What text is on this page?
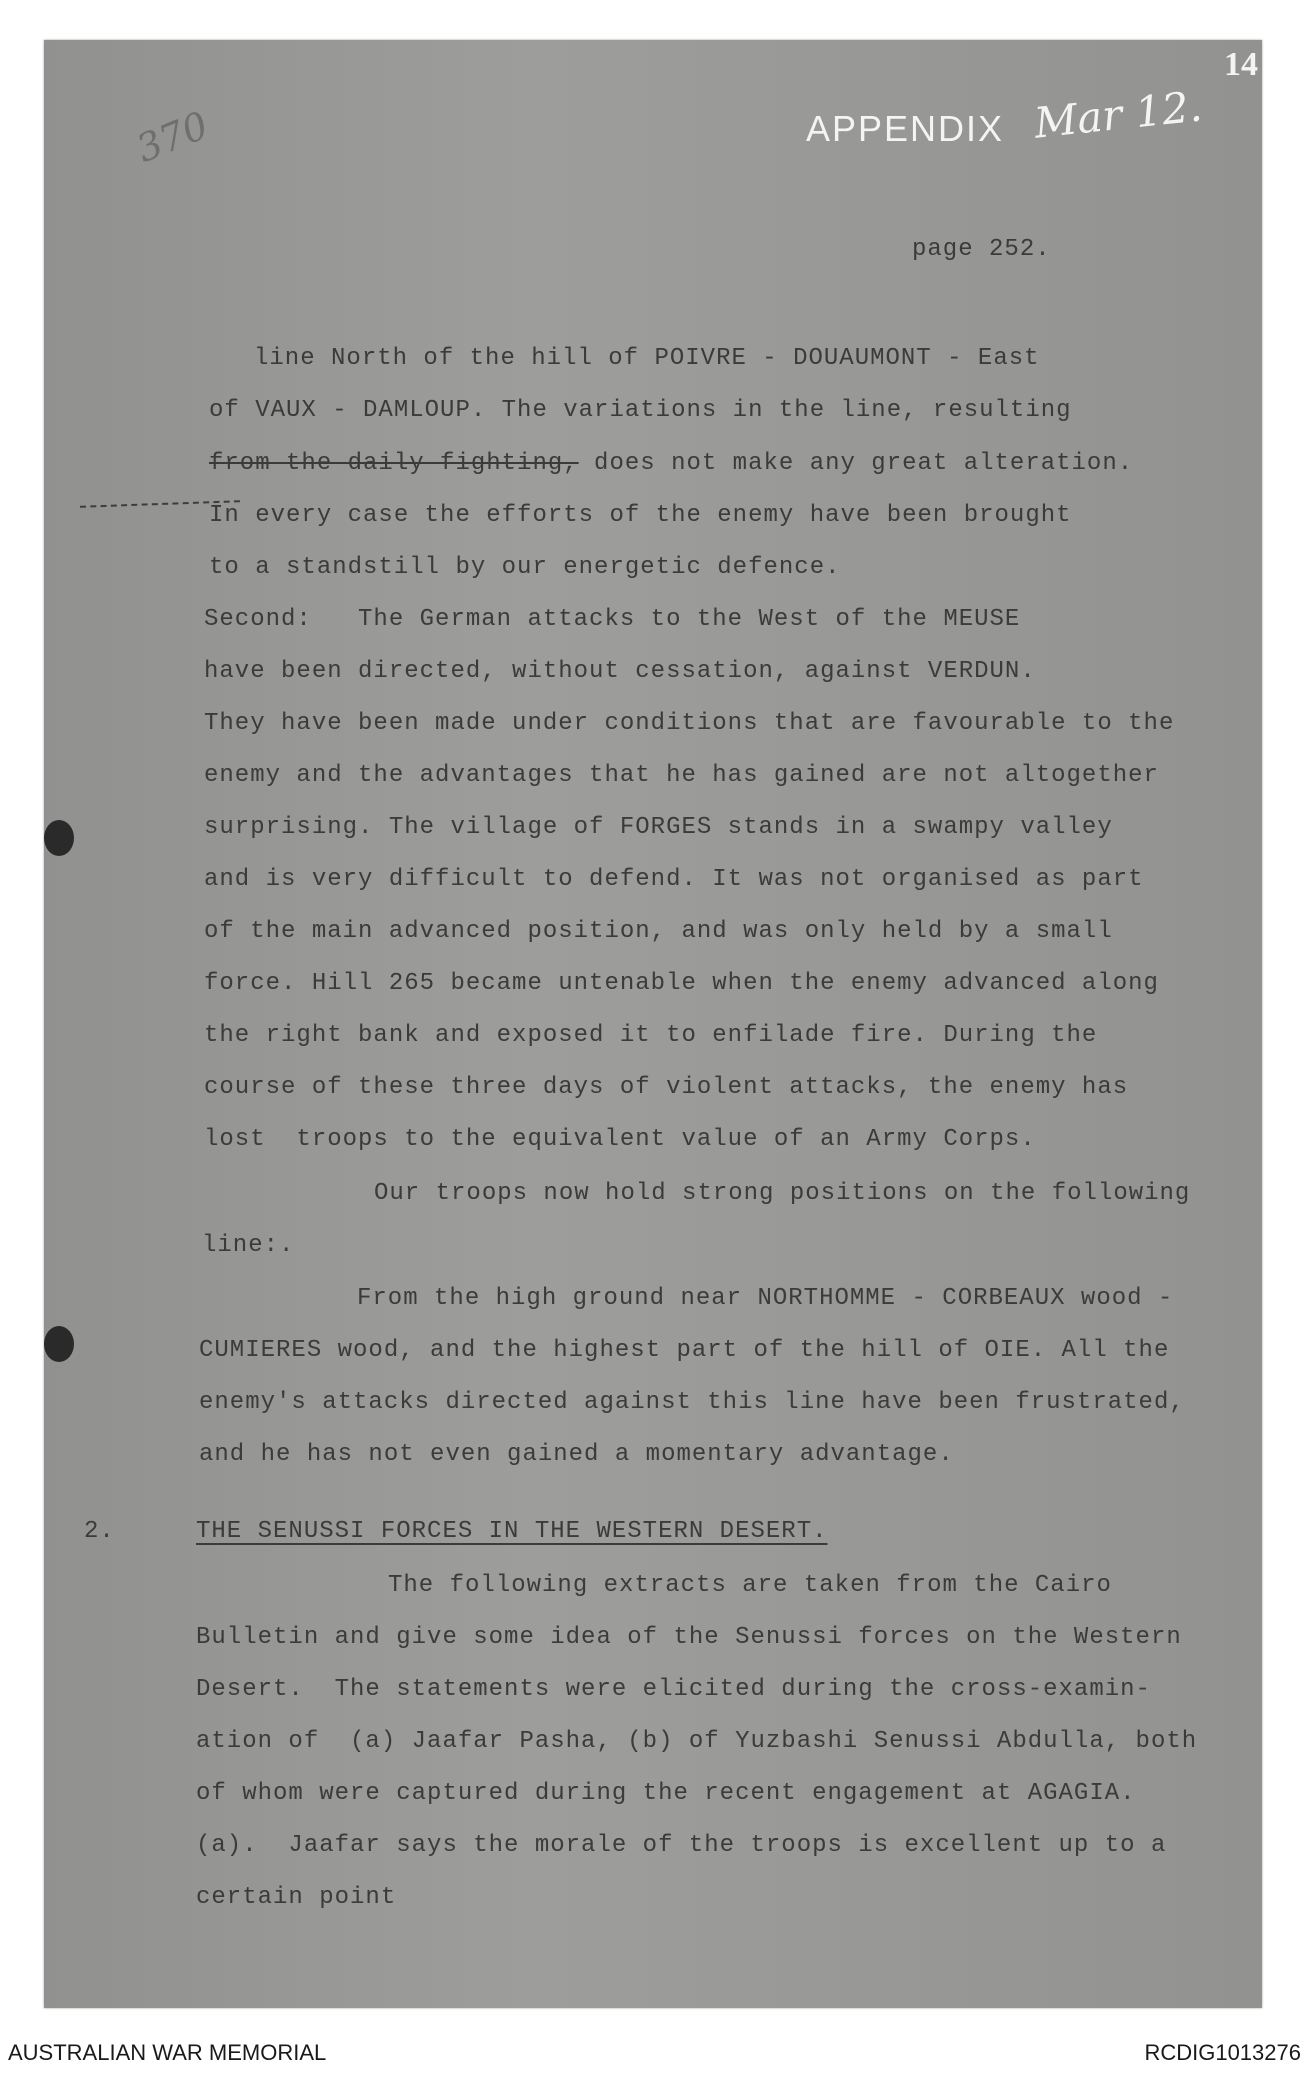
14
APPENDIX Mar 12.
370
page 252.
line North of the hill of POIVRE - DOUAUMONT - East
of VAUX - DAMLOUP. The variations in the line, resulting
from the daily fighting, does not make any great alteration.
In every case the efforts of the enemy have been brought
to a standstill by our energetic defence.
Second:   The German attacks to the West of the MEUSE
have been directed, without cessation, against VERDUN.
They have been made under conditions that are favourable to the
enemy and the advantages that he has gained are not altogether
surprising. The village of FORGES stands in a swampy valley
and is very difficult to defend. It was not organised as part
of the main advanced position, and was only held by a small
force. Hill 265 became untenable when the enemy advanced along
the right bank and exposed it to enfilade fire. During the
course of these three days of violent attacks, the enemy has
lost  troops to the equivalent value of an Army Corps.
Our troops now hold strong positions on the following
line:.
From the high ground near NORTHOMME - CORBEAUX wood -
CUMIERES wood, and the highest part of the hill of OIE. All the
enemy's attacks directed against this line have been frustrated,
and he has not even gained a momentary advantage.
2.	THE SENUSSI FORCES IN THE WESTERN DESERT.
The following extracts are taken from the Cairo
Bulletin and give some idea of the Senussi forces on the Western
Desert.  The statements were elicited during the cross-examin-
ation of  (a) Jaafar Pasha, (b) of Yuzbashi Senussi Abdulla, both
of whom were captured during the recent engagement at AGAGIA.
(a).  Jaafar says the morale of the troops is excellent up to a
certain point
AUSTRALIAN WAR MEMORIAL	RCDIG1013276
